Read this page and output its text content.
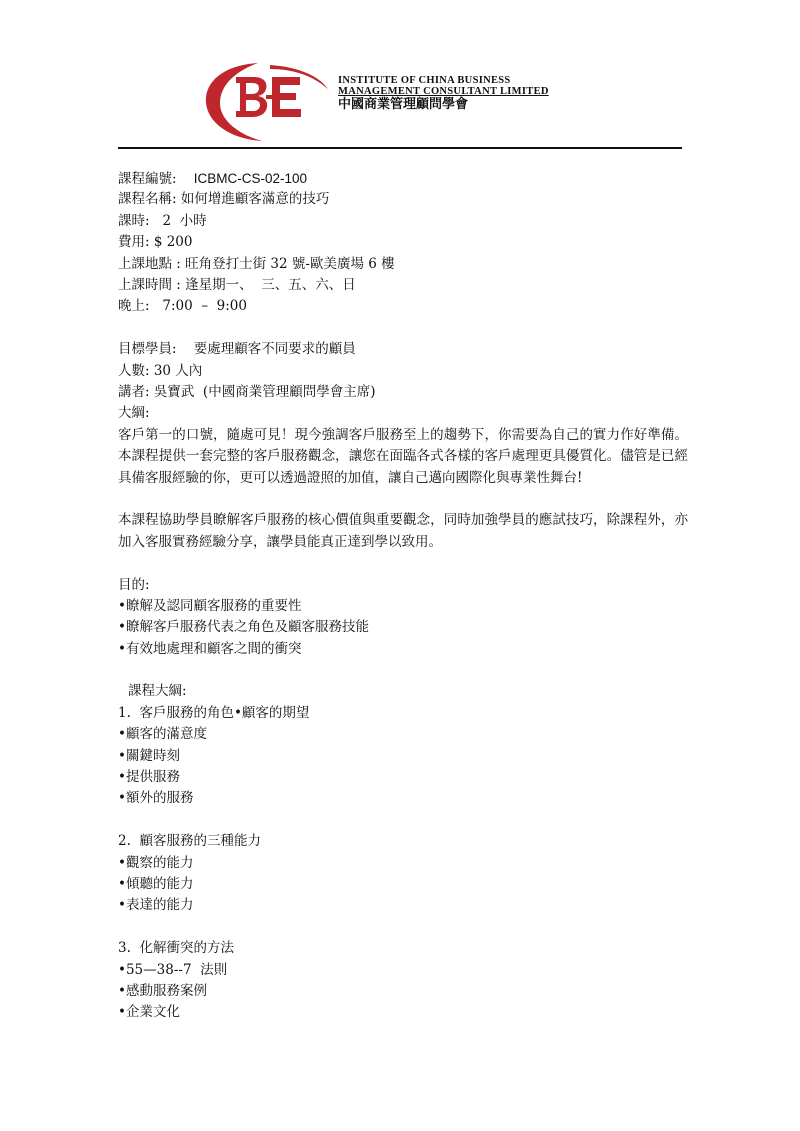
INSTITUTE OF CHINA BUSINESS
MANAGEMENT CONSULTANT LIMITED
中國商業管理顧問學會
課程編號: ICBMC-CS-02-100
課程名稱: 如何增進顧客滿意的技巧
課時: 2  小時
費用: $ 200
上課地點 : 旺角登打士街 32 號-歐美廣場 6 樓
上課時間 : 逢星期一、  三、五、六、日
晚上:   7:00  –  9:00
目標學員: 要處理顧客不同要求的顧員
人數: 30 人內
講者: 吳寶武  (中國商業管理顧問學會主席)
大綱:
客戶第一的口號，隨處可見！現今強調客戶服務至上的趨勢下，你需要為自己的實力作好準備。本課程提供一套完整的客戶服務觀念，讓您在面臨各式各樣的客戶處理更具優質化。儘管是已經具備客服經驗的你，更可以透過證照的加值，讓自己邁向國際化與專業性舞台!
本課程協助學員瞭解客戶服務的核心價值與重要觀念，同時加強學員的應試技巧，除課程外，亦加入客服實務經驗分享，讓學員能真正達到學以致用。
目的:
•瞭解及認同顧客服務的重要性
•瞭解客戶服務代表之角色及顧客服務技能
•有效地處理和顧客之間的衝突
課程大綱:
1.  客戶服務的角色•顧客的期望
•顧客的滿意度
•關鍵時刻
•提供服務
•額外的服務
2.  顧客服務的三種能力
•觀察的能力
•傾聽的能力
•表達的能力
3.  化解衝突的方法
•55—38--7  法則
•感動服務案例
•企業文化
